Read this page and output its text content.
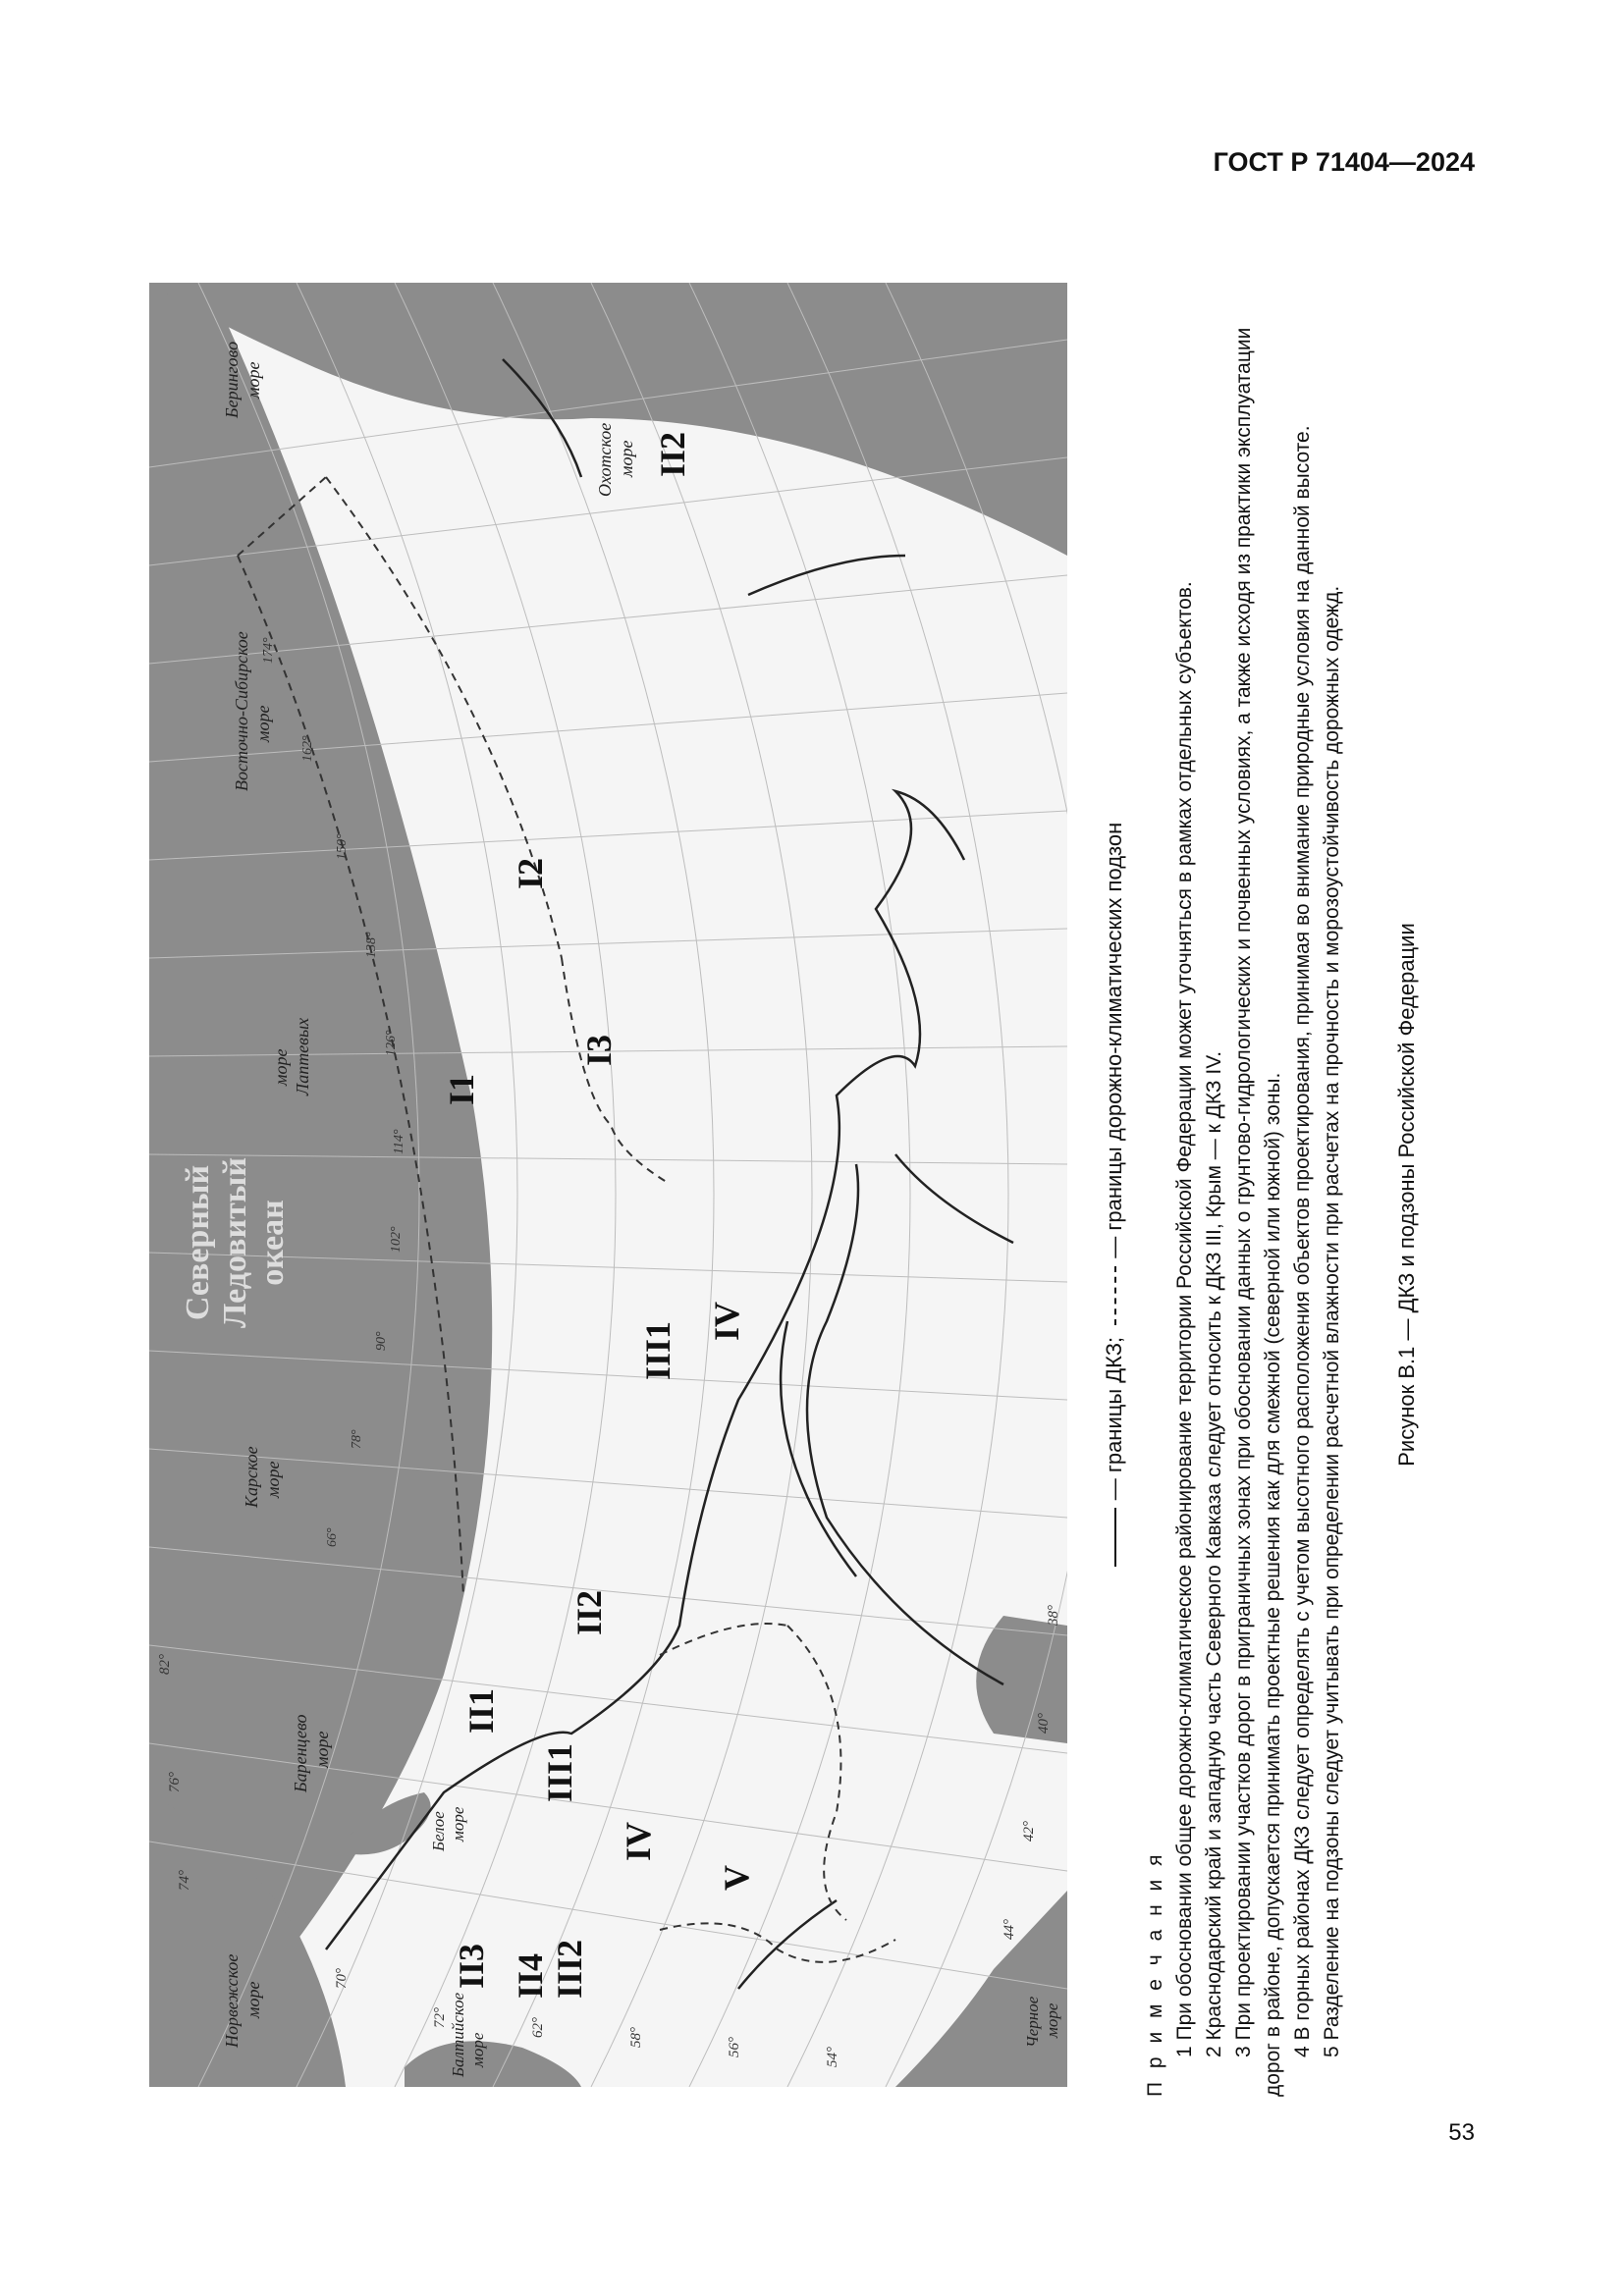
ГОСТ Р 71404—2024
Северный Ледовитый океан
Норвежское море
Баренцево море
Карское море
море Лаптевых
Восточно-Сибирское море
Берингово море
Охотское море
Балтийское море
Белое море
Черное море
70°
72°	62°	58°	56°	54°
74°
76°
82°
44°
42°
40°
38°
66°
78°
90°
102°
114°
126°
138°
150°
162°
174°
I1
I2
I3
II1
II2
II2
II3 II4
III1
III1
III2
IV
IV
V
— границы ДКЗ; — границы дорожно-климатических подзон
П р и м е ч а н и я 1 При обосновании общее дорожно-климатическое районирование территории Российской Федерации может уточняться в рамках отдельных субъектов. 2 Краснодарский край и западную часть Северного Кавказа следует относить к ДКЗ III, Крым — к ДКЗ IV. 3 При проектировании участков дорог в приграничных зонах при обосновании данных о грунтово-гидрологических и почвенных условиях, а также исходя из практики эксплуатации дорог в районе, допускается принимать проектные решения как для смежной (северной или южной) зоны. 4 В горных районах ДКЗ следует определять с учетом высотного расположения объектов проектирования, принимая во внимание природные условия на данной высоте. 5 Разделение на подзоны следует учитывать при определении расчетной влажности при расчетах на прочность и морозоустойчивость дорожных одежд. Рисунок В.1 — ДКЗ и подзоны Российской Федерации
53
